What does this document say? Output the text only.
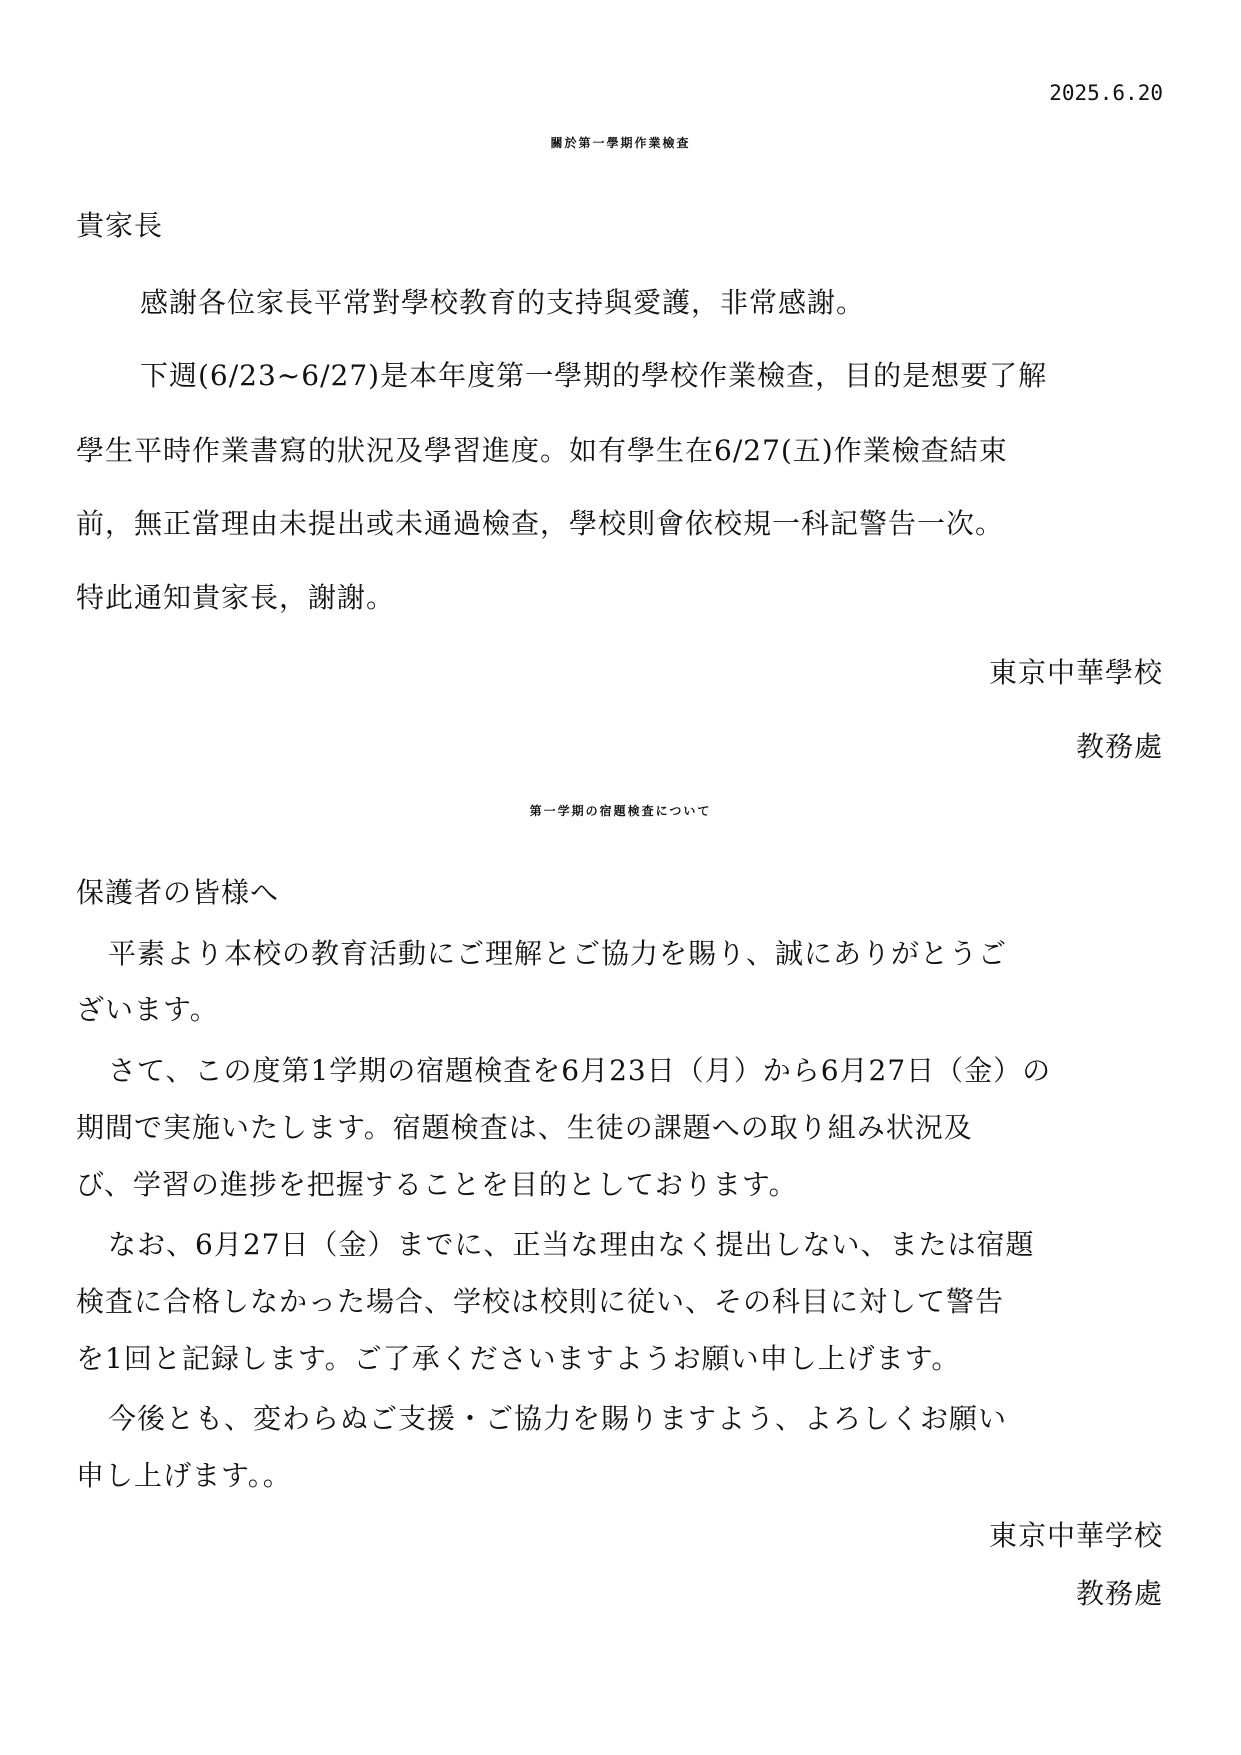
2025.6.20
關於第一學期作業檢查
貴家長
感謝各位家長平常對學校教育的支持與愛護，非常感謝。
下週(6/23~6/27)是本年度第一學期的學校作業檢查，目的是想要了解
學生平時作業書寫的狀況及學習進度。如有學生在6/27(五)作業檢查結束
前，無正當理由未提出或未通過檢查，學校則會依校規一科記警告一次。
特此通知貴家長，謝謝。
東京中華學校
教務處
第一学期の宿題検査について
保護者の皆様へ
平素より本校の教育活動にご理解とご協力を賜り、誠にありがとうご
ざいます。
さて、この度第1学期の宿題検査を6月23日（月）から6月27日（金）の
期間で実施いたします。宿題検査は、生徒の課題への取り組み状況及
び、学習の進捗を把握することを目的としております。
なお、6月27日（金）までに、正当な理由なく提出しない、または宿題
検査に合格しなかった場合、学校は校則に従い、その科目に対して警告
を1回と記録します。ご了承くださいますようお願い申し上げます。
今後とも、変わらぬご支援・ご協力を賜りますよう、よろしくお願い
申し上げます。。
東京中華学校
教務處
